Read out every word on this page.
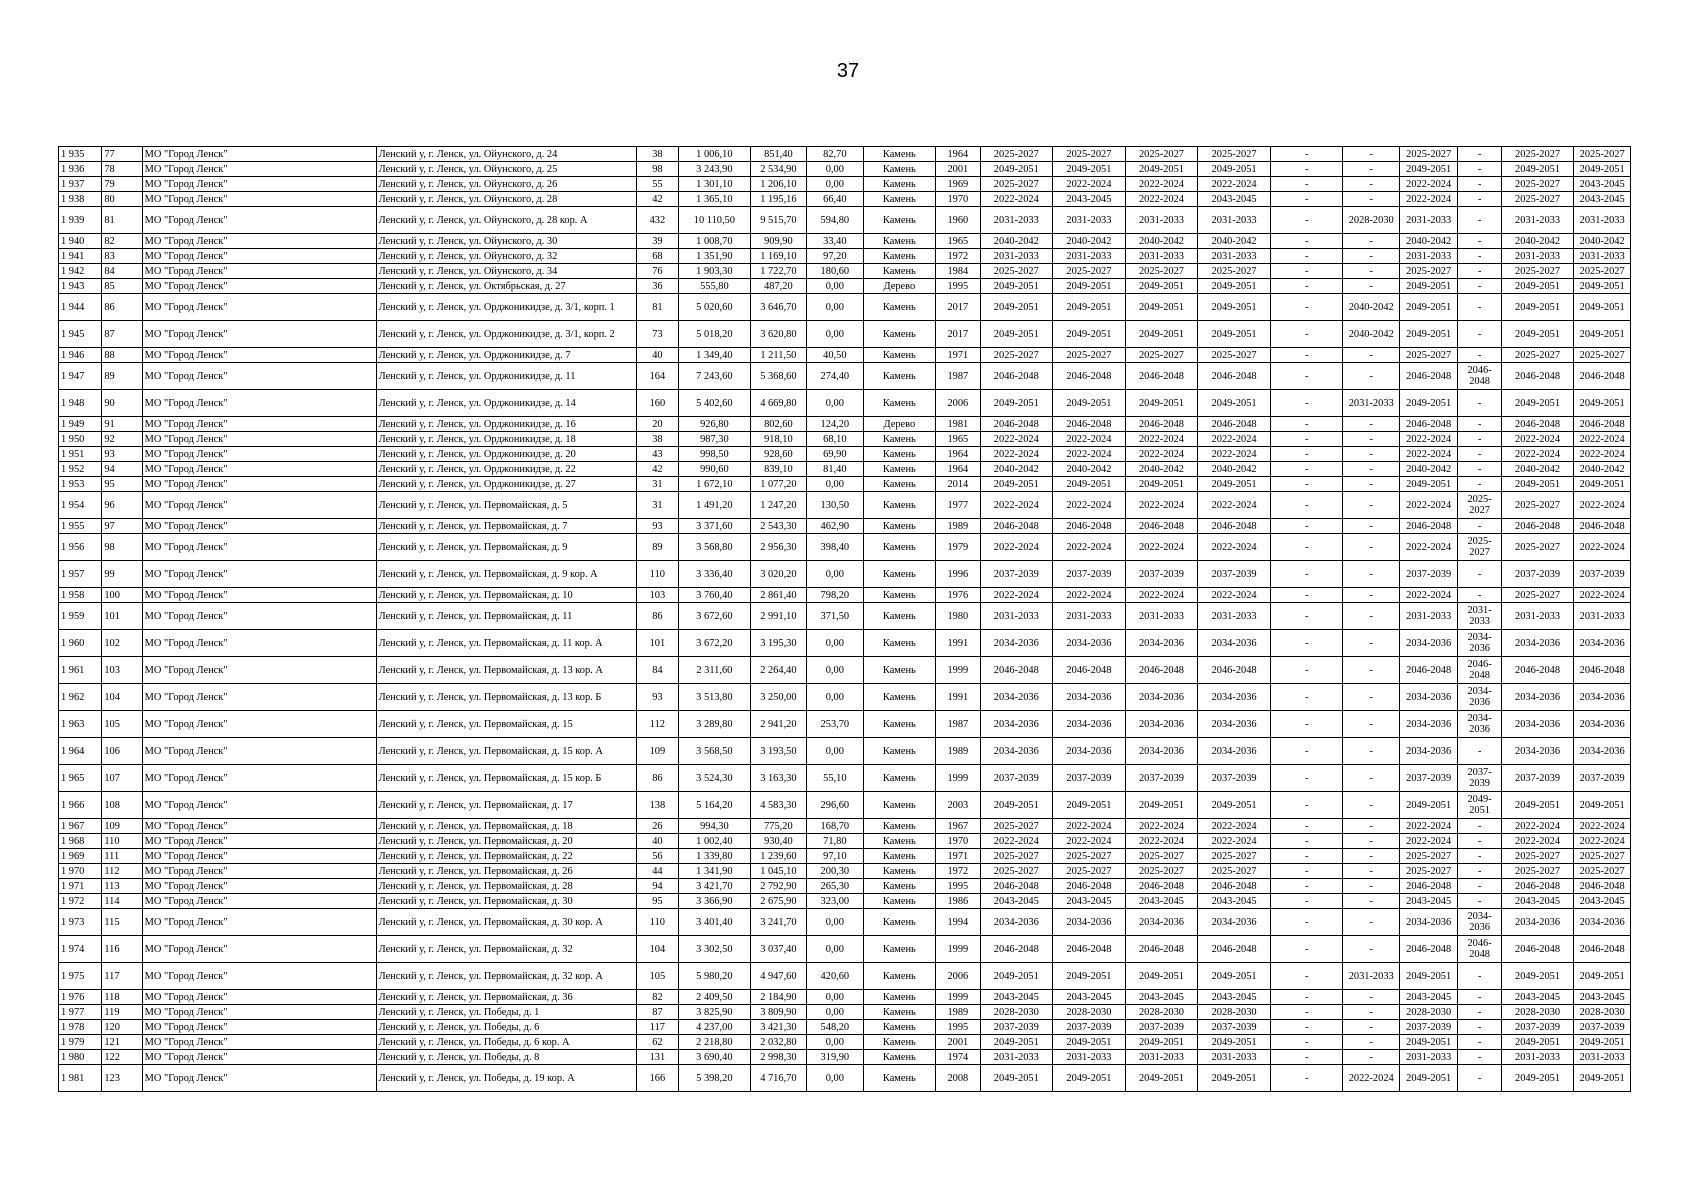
37
1 935	77	МО "Город Ленск"	Ленский у, г. Ленск, ул. Ойунского, д. 24	38	1 006,10	851,40	82,70	Камень	1964	2025-2027	2025-2027	2025-2027	2025-2027	-	-	2025-2027	-	2025-2027	2025-2027
1 936	78	МО "Город Ленск"	Ленский у, г. Ленск, ул. Ойунского, д. 25	98	3 243,90	2 534,90	0,00	Камень	2001	2049-2051	2049-2051	2049-2051	2049-2051	-	-	2049-2051	-	2049-2051	2049-2051
1 937	79	МО "Город Ленск"	Ленский у, г. Ленск, ул. Ойунского, д. 26	55	1 301,10	1 206,10	0,00	Камень	1969	2025-2027	2022-2024	2022-2024	2022-2024	-	-	2022-2024	-	2025-2027	2043-2045
1 938	80	МО "Город Ленск"	Ленский у, г. Ленск, ул. Ойунского, д. 28	42	1 365,10	1 195,16	66,40	Камень	1970	2022-2024	2043-2045	2022-2024	2043-2045	-	-	2022-2024	-	2025-2027	2043-2045
1 939	81	МО "Город Ленск"	Ленский у, г. Ленск, ул. Ойунского, д. 28 кор. А	432	10 110,50	9 515,70	594,80	Камень	1960	2031-2033	2031-2033	2031-2033	2031-2033	-	2028-2030	2031-2033	-	2031-2033	2031-2033
1 940	82	МО "Город Ленск"	Ленский у, г. Ленск, ул. Ойунского, д. 30	39	1 008,70	909,90	33,40	Камень	1965	2040-2042	2040-2042	2040-2042	2040-2042	-	-	2040-2042	-	2040-2042	2040-2042
1 941	83	МО "Город Ленск"	Ленский у, г. Ленск, ул. Ойунского, д. 32	68	1 351,90	1 169,10	97,20	Камень	1972	2031-2033	2031-2033	2031-2033	2031-2033	-	-	2031-2033	-	2031-2033	2031-2033
1 942	84	МО "Город Ленск"	Ленский у, г. Ленск, ул. Ойунского, д. 34	76	1 903,30	1 722,70	180,60	Камень	1984	2025-2027	2025-2027	2025-2027	2025-2027	-	-	2025-2027	-	2025-2027	2025-2027
1 943	85	МО "Город Ленск"	Ленский у, г. Ленск, ул. Октябрьская, д. 27	36	555,80	487,20	0,00	Дерево	1995	2049-2051	2049-2051	2049-2051	2049-2051	-	-	2049-2051	-	2049-2051	2049-2051
1 944	86	МО "Город Ленск"	Ленский у, г. Ленск, ул. Орджоникидзе, д. 3/1, корп. 1	81	5 020,60	3 646,70	0,00	Камень	2017	2049-2051	2049-2051	2049-2051	2049-2051	-	2040-2042	2049-2051	-	2049-2051	2049-2051
1 945	87	МО "Город Ленск"	Ленский у, г. Ленск, ул. Орджоникидзе, д. 3/1, корп. 2	73	5 018,20	3 620,80	0,00	Камень	2017	2049-2051	2049-2051	2049-2051	2049-2051	-	2040-2042	2049-2051	-	2049-2051	2049-2051
1 946	88	МО "Город Ленск"	Ленский у, г. Ленск, ул. Орджоникидзе, д. 7	40	1 349,40	1 211,50	40,50	Камень	1971	2025-2027	2025-2027	2025-2027	2025-2027	-	-	2025-2027	-	2025-2027	2025-2027
1 947	89	МО "Город Ленск"	Ленский у, г. Ленск, ул. Орджоникидзе, д. 11	164	7 243,60	5 368,60	274,40	Камень	1987	2046-2048	2046-2048	2046-2048	2046-2048	-	-	2046-2048	2046-2048	2046-2048	2046-2048
1 948	90	МО "Город Ленск"	Ленский у, г. Ленск, ул. Орджоникидзе, д. 14	160	5 402,60	4 669,80	0,00	Камень	2006	2049-2051	2049-2051	2049-2051	2049-2051	-	2031-2033	2049-2051	-	2049-2051	2049-2051
1 949	91	МО "Город Ленск"	Ленский у, г. Ленск, ул. Орджоникидзе, д. 16	20	926,80	802,60	124,20	Дерево	1981	2046-2048	2046-2048	2046-2048	2046-2048	-	-	2046-2048	-	2046-2048	2046-2048
1 950	92	МО "Город Ленск"	Ленский у, г. Ленск, ул. Орджоникидзе, д. 18	38	987,30	918,10	68,10	Камень	1965	2022-2024	2022-2024	2022-2024	2022-2024	-	-	2022-2024	-	2022-2024	2022-2024
1 951	93	МО "Город Ленск"	Ленский у, г. Ленск, ул. Орджоникидзе, д. 20	43	998,50	928,60	69,90	Камень	1964	2022-2024	2022-2024	2022-2024	2022-2024	-	-	2022-2024	-	2022-2024	2022-2024
1 952	94	МО "Город Ленск"	Ленский у, г. Ленск, ул. Орджоникидзе, д. 22	42	990,60	839,10	81,40	Камень	1964	2040-2042	2040-2042	2040-2042	2040-2042	-	-	2040-2042	-	2040-2042	2040-2042
1 953	95	МО "Город Ленск"	Ленский у, г. Ленск, ул. Орджоникидзе, д. 27	31	1 672,10	1 077,20	0,00	Камень	2014	2049-2051	2049-2051	2049-2051	2049-2051	-	-	2049-2051	-	2049-2051	2049-2051
1 954	96	МО "Город Ленск"	Ленский у, г. Ленск, ул. Первомайская, д. 5	31	1 491,20	1 247,20	130,50	Камень	1977	2022-2024	2022-2024	2022-2024	2022-2024	-	-	2022-2024	2025-2027	2025-2027	2022-2024
1 955	97	МО "Город Ленск"	Ленский у, г. Ленск, ул. Первомайская, д. 7	93	3 371,60	2 543,30	462,90	Камень	1989	2046-2048	2046-2048	2046-2048	2046-2048	-	-	2046-2048	-	2046-2048	2046-2048
1 956	98	МО "Город Ленск"	Ленский у, г. Ленск, ул. Первомайская, д. 9	89	3 568,80	2 956,30	398,40	Камень	1979	2022-2024	2022-2024	2022-2024	2022-2024	-	-	2022-2024	2025-2027	2025-2027	2022-2024
1 957	99	МО "Город Ленск"	Ленский у, г. Ленск, ул. Первомайская, д. 9 кор. А	110	3 336,40	3 020,20	0,00	Камень	1996	2037-2039	2037-2039	2037-2039	2037-2039	-	-	2037-2039	-	2037-2039	2037-2039
1 958	100	МО "Город Ленск"	Ленский у, г. Ленск, ул. Первомайская, д. 10	103	3 760,40	2 861,40	798,20	Камень	1976	2022-2024	2022-2024	2022-2024	2022-2024	-	-	2022-2024	-	2025-2027	2022-2024
1 959	101	МО "Город Ленск"	Ленский у, г. Ленск, ул. Первомайская, д. 11	86	3 672,60	2 991,10	371,50	Камень	1980	2031-2033	2031-2033	2031-2033	2031-2033	-	-	2031-2033	2031-2033	2031-2033	2031-2033
1 960	102	МО "Город Ленск"	Ленский у, г. Ленск, ул. Первомайская, д. 11 кор. А	101	3 672,20	3 195,30	0,00	Камень	1991	2034-2036	2034-2036	2034-2036	2034-2036	-	-	2034-2036	2034-2036	2034-2036	2034-2036
1 961	103	МО "Город Ленск"	Ленский у, г. Ленск, ул. Первомайская, д. 13 кор. А	84	2 311,60	2 264,40	0,00	Камень	1999	2046-2048	2046-2048	2046-2048	2046-2048	-	-	2046-2048	2046-2048	2046-2048	2046-2048
1 962	104	МО "Город Ленск"	Ленский у, г. Ленск, ул. Первомайская, д. 13 кор. Б	93	3 513,80	3 250,00	0,00	Камень	1991	2034-2036	2034-2036	2034-2036	2034-2036	-	-	2034-2036	2034-2036	2034-2036	2034-2036
1 963	105	МО "Город Ленск"	Ленский у, г. Ленск, ул. Первомайская, д. 15	112	3 289,80	2 941,20	253,70	Камень	1987	2034-2036	2034-2036	2034-2036	2034-2036	-	-	2034-2036	2034-2036	2034-2036	2034-2036
1 964	106	МО "Город Ленск"	Ленский у, г. Ленск, ул. Первомайская, д. 15 кор. А	109	3 568,50	3 193,50	0,00	Камень	1989	2034-2036	2034-2036	2034-2036	2034-2036	-	-	2034-2036	-	2034-2036	2034-2036
1 965	107	МО "Город Ленск"	Ленский у, г. Ленск, ул. Первомайская, д. 15 кор. Б	86	3 524,30	3 163,30	55,10	Камень	1999	2037-2039	2037-2039	2037-2039	2037-2039	-	-	2037-2039	2037-2039	2037-2039	2037-2039
1 966	108	МО "Город Ленск"	Ленский у, г. Ленск, ул. Первомайская, д. 17	138	5 164,20	4 583,30	296,60	Камень	2003	2049-2051	2049-2051	2049-2051	2049-2051	-	-	2049-2051	2049-2051	2049-2051	2049-2051
1 967	109	МО "Город Ленск"	Ленский у, г. Ленск, ул. Первомайская, д. 18	26	994,30	775,20	168,70	Камень	1967	2025-2027	2022-2024	2022-2024	2022-2024	-	-	2022-2024	-	2022-2024	2022-2024
1 968	110	МО "Город Ленск"	Ленский у, г. Ленск, ул. Первомайская, д. 20	40	1 002,40	930,40	71,80	Камень	1970	2022-2024	2022-2024	2022-2024	2022-2024	-	-	2022-2024	-	2022-2024	2022-2024
1 969	111	МО "Город Ленск"	Ленский у, г. Ленск, ул. Первомайская, д. 22	56	1 339,80	1 239,60	97,10	Камень	1971	2025-2027	2025-2027	2025-2027	2025-2027	-	-	2025-2027	-	2025-2027	2025-2027
1 970	112	МО "Город Ленск"	Ленский у, г. Ленск, ул. Первомайская, д. 26	44	1 341,90	1 045,10	200,30	Камень	1972	2025-2027	2025-2027	2025-2027	2025-2027	-	-	2025-2027	-	2025-2027	2025-2027
1 971	113	МО "Город Ленск"	Ленский у, г. Ленск, ул. Первомайская, д. 28	94	3 421,70	2 792,90	265,30	Камень	1995	2046-2048	2046-2048	2046-2048	2046-2048	-	-	2046-2048	-	2046-2048	2046-2048
1 972	114	МО "Город Ленск"	Ленский у, г. Ленск, ул. Первомайская, д. 30	95	3 366,90	2 675,90	323,00	Камень	1986	2043-2045	2043-2045	2043-2045	2043-2045	-	-	2043-2045	-	2043-2045	2043-2045
1 973	115	МО "Город Ленск"	Ленский у, г. Ленск, ул. Первомайская, д. 30 кор. А	110	3 401,40	3 241,70	0,00	Камень	1994	2034-2036	2034-2036	2034-2036	2034-2036	-	-	2034-2036	2034-2036	2034-2036	2034-2036
1 974	116	МО "Город Ленск"	Ленский у, г. Ленск, ул. Первомайская, д. 32	104	3 302,50	3 037,40	0,00	Камень	1999	2046-2048	2046-2048	2046-2048	2046-2048	-	-	2046-2048	2046-2048	2046-2048	2046-2048
1 975	117	МО "Город Ленск"	Ленский у, г. Ленск, ул. Первомайская, д. 32 кор. А	105	5 980,20	4 947,60	420,60	Камень	2006	2049-2051	2049-2051	2049-2051	2049-2051	-	2031-2033	2049-2051	-	2049-2051	2049-2051
1 976	118	МО "Город Ленск"	Ленский у, г. Ленск, ул. Первомайская, д. 36	82	2 409,50	2 184,90	0,00	Камень	1999	2043-2045	2043-2045	2043-2045	2043-2045	-	-	2043-2045	-	2043-2045	2043-2045
1 977	119	МО "Город Ленск"	Ленский у, г. Ленск, ул. Победы, д. 1	87	3 825,90	3 809,90	0,00	Камень	1989	2028-2030	2028-2030	2028-2030	2028-2030	-	-	2028-2030	-	2028-2030	2028-2030
1 978	120	МО "Город Ленск"	Ленский у, г. Ленск, ул. Победы, д. 6	117	4 237,00	3 421,30	548,20	Камень	1995	2037-2039	2037-2039	2037-2039	2037-2039	-	-	2037-2039	-	2037-2039	2037-2039
1 979	121	МО "Город Ленск"	Ленский у, г. Ленск, ул. Победы, д. 6 кор. А	62	2 218,80	2 032,80	0,00	Камень	2001	2049-2051	2049-2051	2049-2051	2049-2051	-	-	2049-2051	-	2049-2051	2049-2051
1 980	122	МО "Город Ленск"	Ленский у, г. Ленск, ул. Победы, д. 8	131	3 690,40	2 998,30	319,90	Камень	1974	2031-2033	2031-2033	2031-2033	2031-2033	-	-	2031-2033	-	2031-2033	2031-2033
1 981	123	МО "Город Ленск"	Ленский у, г. Ленск, ул. Победы, д. 19 кор. А	166	5 398,20	4 716,70	0,00	Камень	2008	2049-2051	2049-2051	2049-2051	2049-2051	-	2022-2024	2049-2051	-	2049-2051	2049-2051
